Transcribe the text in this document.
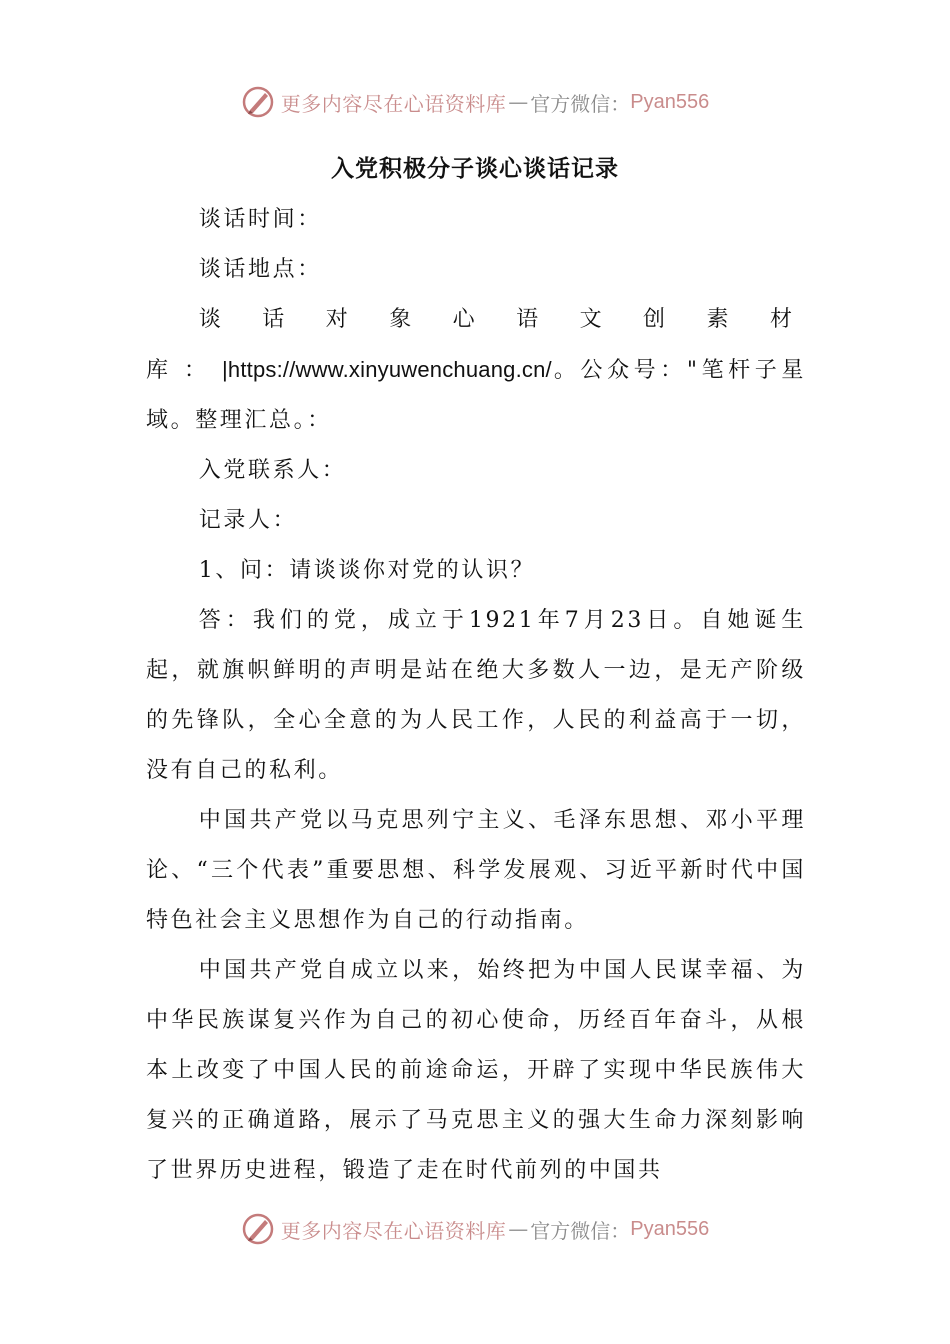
更多内容尽在心语资料库 — 官方微信： Pyan556
入党积极分子谈心谈话记录

谈话时间：

谈话地点：

谈话对象心语文创素材库：|https://www.xinyuwenchuang.cn/。公众号："笔杆子星域。整理汇总。：

入党联系人：

记录人：

1、问：请谈谈你对党的认识？

答：我们的党，成立于1921年7月23日。自她诞生起，就旗帜鲜明的声明是站在绝大多数人一边，是无产阶级的先锋队，全心全意的为人民工作，人民的利益高于一切，没有自己的私利。

中国共产党以马克思列宁主义、毛泽东思想、邓小平理论、“三个代表”重要思想、科学发展观、习近平新时代中国特色社会主义思想作为自己的行动指南。

中国共产党自成立以来，始终把为中国人民谋幸福、为中华民族谋复兴作为自己的初心使命，历经百年奋斗，从根本上改变了中国人民的前途命运，开辟了实现中华民族伟大复兴的正确道路，展示了马克思主义的强大生命力深刻影响了世界历史进程，锻造了走在时代前列的中国共

更多内容尽在心语资料库 — 官方微信： Pyan556
